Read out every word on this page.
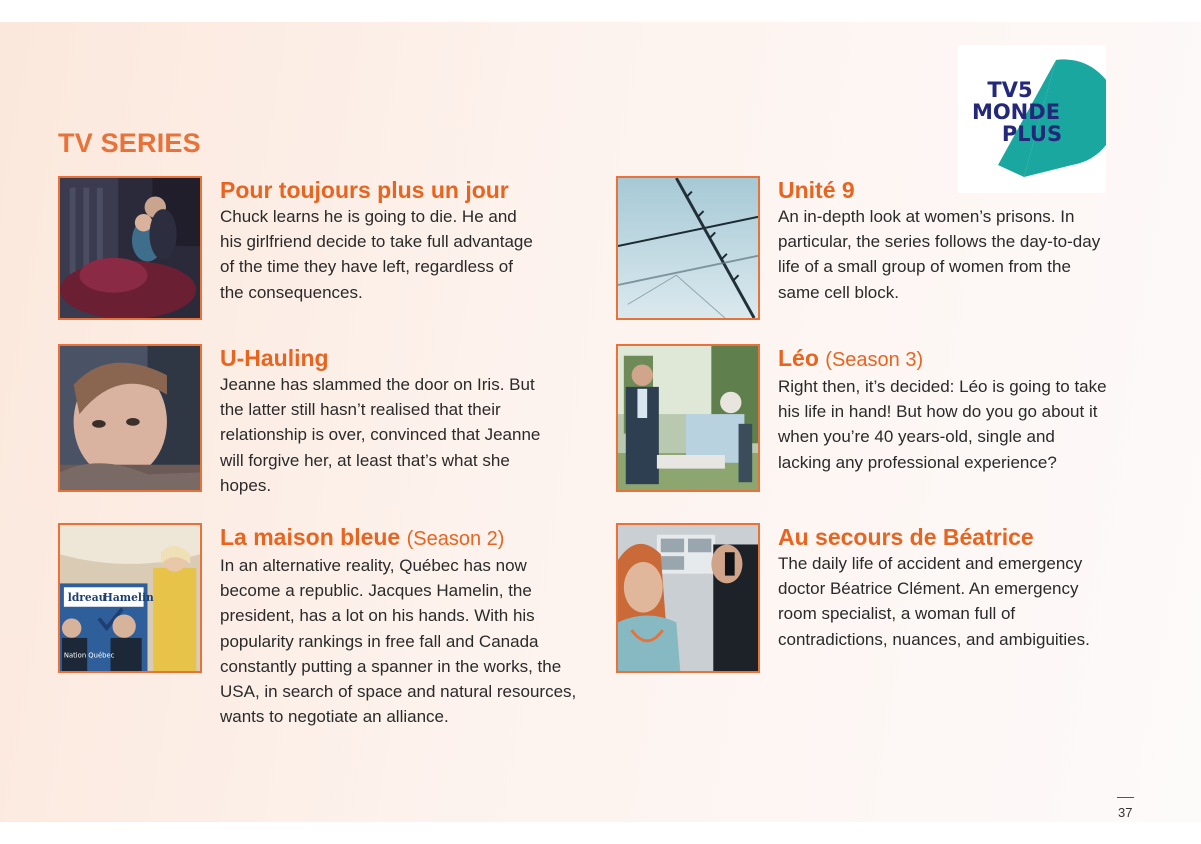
TV5
MONDE
PLUS
TV SERIES

Pour toujours plus un jour

Chuck learns he is going to die. He and his girlfriend decide to take full advantage of the time they have left, regardless of the consequences.

Unité 9

An in-depth look at women’s prisons. In particular, the series follows the day-to-day life of a small group of women from the same cell block.

U-Hauling

Jeanne has slammed the door on Iris. But the latter still hasn’t realised that their relationship is over, convinced that Jeanne will forgive her, at least that’s what she hopes.

Léo (Season 3)

Right then, it’s decided: Léo is going to take his life in hand! But how do you go about it when you’re 40 years-old, single and lacking any professional experience?

ldreau
Hamelin
Nation Québec

La maison bleue (Season 2)

In an alternative reality, Québec has now become a republic. Jacques Hamelin, the president, has a lot on his hands. With his popularity rankings in free fall and Canada constantly putting a spanner in the works, the USA, in search of space and natural resources, wants to negotiate an alliance.

Au secours de Béatrice

The daily life of accident and emergency doctor Béatrice Clément. An emergency room specialist, a woman full of contradictions, nuances, and ambiguities.

37
